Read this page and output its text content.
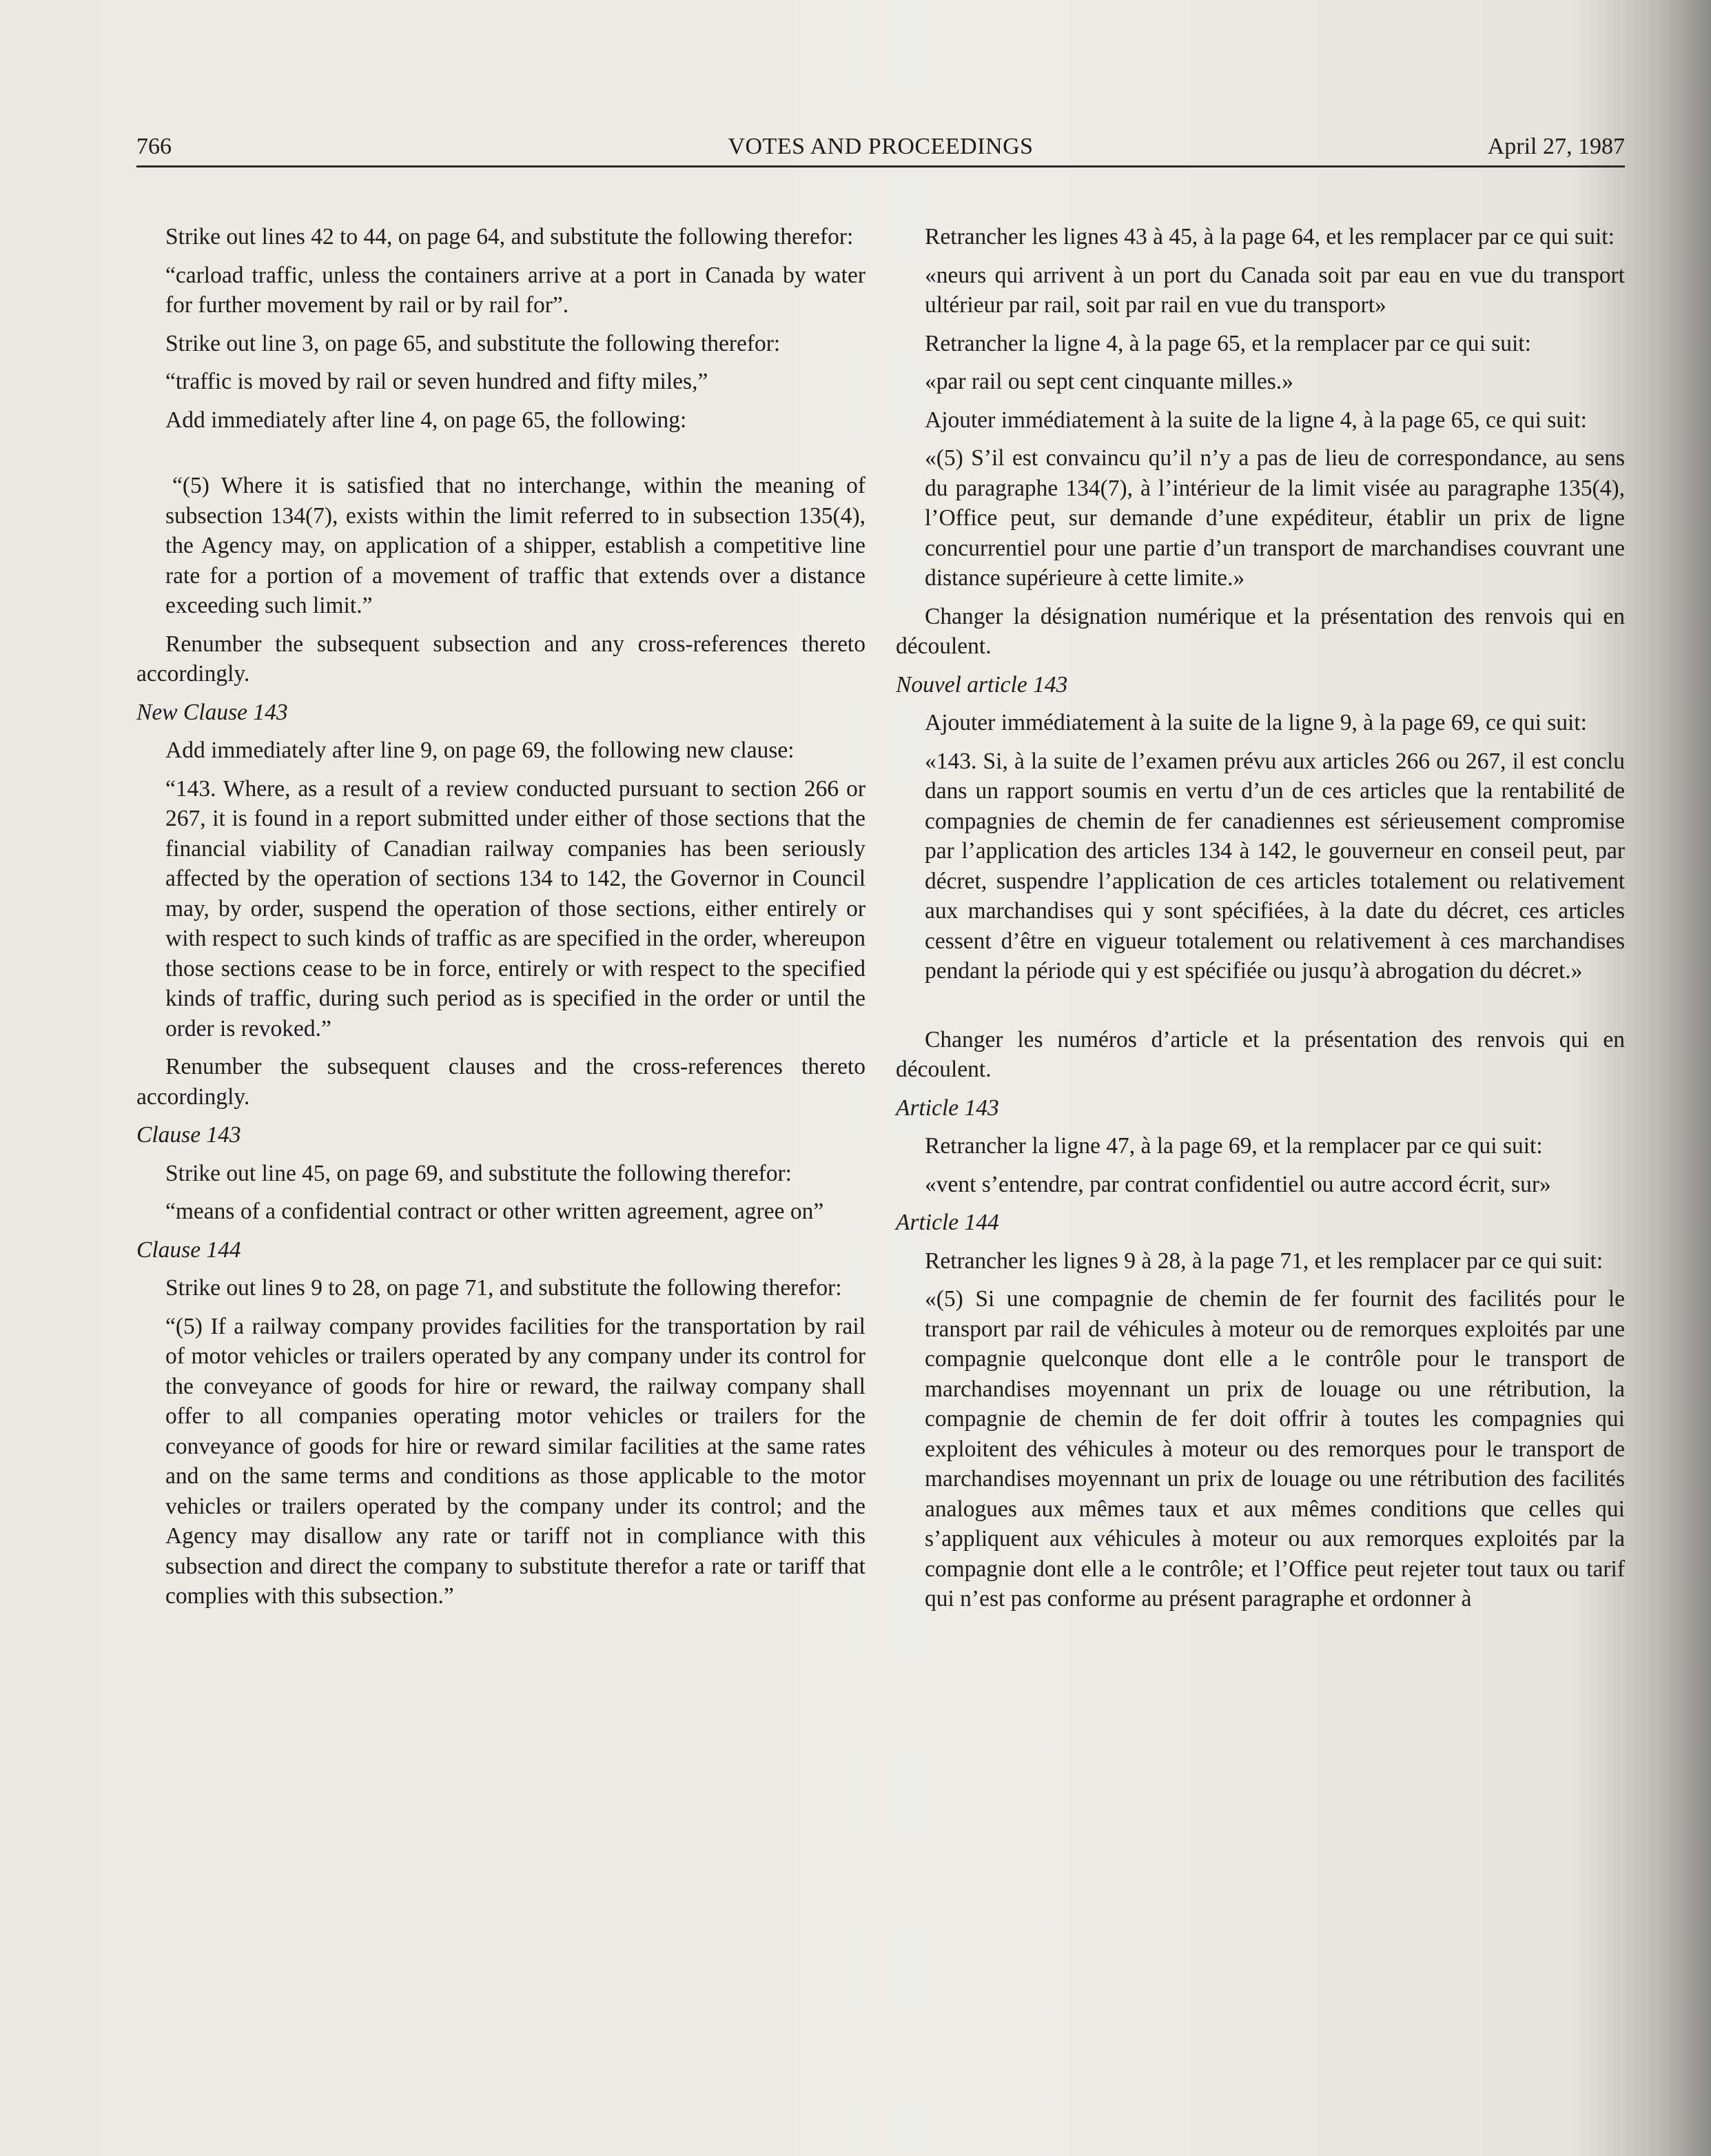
766	VOTES AND PROCEEDINGS	April 27, 1987

Strike out lines 42 to 44, on page 64, and substitute the following therefor:

“carload traffic, unless the containers arrive at a port in Canada by water for further movement by rail or by rail for”.

Strike out line 3, on page 65, and substitute the following therefor:

“traffic is moved by rail or seven hundred and fifty miles,”

Add immediately after line 4, on page 65, the following:

“(5) Where it is satisfied that no interchange, within the meaning of subsection 134(7), exists within the limit referred to in subsection 135(4), the Agency may, on application of a shipper, establish a competitive line rate for a portion of a movement of traffic that extends over a distance exceeding such limit.”

Renumber the subsequent subsection and any cross-references thereto accordingly.

New Clause 143

Add immediately after line 9, on page 69, the following new clause:

“143. Where, as a result of a review conducted pursuant to section 266 or 267, it is found in a report submitted under either of those sections that the financial viability of Canadian railway companies has been seriously affected by the operation of sections 134 to 142, the Governor in Council may, by order, suspend the operation of those sections, either entirely or with respect to such kinds of traffic as are specified in the order, whereupon those sections cease to be in force, entirely or with respect to the specified kinds of traffic, during such period as is specified in the order or until the order is revoked.”

Renumber the subsequent clauses and the cross-references thereto accordingly.

Clause 143

Strike out line 45, on page 69, and substitute the following therefor:

“means of a confidential contract or other written agreement, agree on”

Clause 144

Strike out lines 9 to 28, on page 71, and substitute the following therefor:

“(5) If a railway company provides facilities for the transportation by rail of motor vehicles or trailers operated by any company under its control for the conveyance of goods for hire or reward, the railway company shall offer to all companies operating motor vehicles or trailers for the conveyance of goods for hire or reward similar facilities at the same rates and on the same terms and conditions as those applicable to the motor vehicles or trailers operated by the company under its control; and the Agency may disallow any rate or tariff not in compliance with this subsection and direct the company to substitute therefor a rate or tariff that complies with this subsection.”

Retrancher les lignes 43 à 45, à la page 64, et les remplacer par ce qui suit:

«neurs qui arrivent à un port du Canada soit par eau en vue du transport ultérieur par rail, soit par rail en vue du transport»

Retrancher la ligne 4, à la page 65, et la remplacer par ce qui suit:

«par rail ou sept cent cinquante milles.»

Ajouter immédiatement à la suite de la ligne 4, à la page 65, ce qui suit:

«(5) S’il est convaincu qu’il n’y a pas de lieu de correspondance, au sens du paragraphe 134(7), à l’intérieur de la limit visée au paragraphe 135(4), l’Office peut, sur demande d’une expéditeur, établir un prix de ligne concurrentiel pour une partie d’un transport de marchandises couvrant une distance supérieure à cette limite.»

Changer la désignation numérique et la présentation des renvois qui en découlent.

Nouvel article 143

Ajouter immédiatement à la suite de la ligne 9, à la page 69, ce qui suit:

«143. Si, à la suite de l’examen prévu aux articles 266 ou 267, il est conclu dans un rapport soumis en vertu d’un de ces articles que la rentabilité de compagnies de chemin de fer canadiennes est sérieusement compromise par l’application des articles 134 à 142, le gouverneur en conseil peut, par décret, suspendre l’application de ces articles totalement ou relativement aux marchandises qui y sont spécifiées, à la date du décret, ces articles cessent d’être en vigueur totalement ou relativement à ces marchandises pendant la période qui y est spécifiée ou jusqu’à abrogation du décret.»

Changer les numéros d’article et la présentation des renvois qui en découlent.

Article 143

Retrancher la ligne 47, à la page 69, et la remplacer par ce qui suit:

«vent s’entendre, par contrat confidentiel ou autre accord écrit, sur»

Article 144

Retrancher les lignes 9 à 28, à la page 71, et les remplacer par ce qui suit:

«(5) Si une compagnie de chemin de fer fournit des facilités pour le transport par rail de véhicules à moteur ou de remorques exploités par une compagnie quelconque dont elle a le contrôle pour le transport de marchandises moyennant un prix de louage ou une rétribution, la compagnie de chemin de fer doit offrir à toutes les compagnies qui exploitent des véhicules à moteur ou des remorques pour le transport de marchandises moyennant un prix de louage ou une rétribution des facilités analogues aux mêmes taux et aux mêmes conditions que celles qui s’appliquent aux véhicules à moteur ou aux remorques exploités par la compagnie dont elle a le contrôle; et l’Office peut rejeter tout taux ou tarif qui n’est pas conforme au présent paragraphe et ordonner à
